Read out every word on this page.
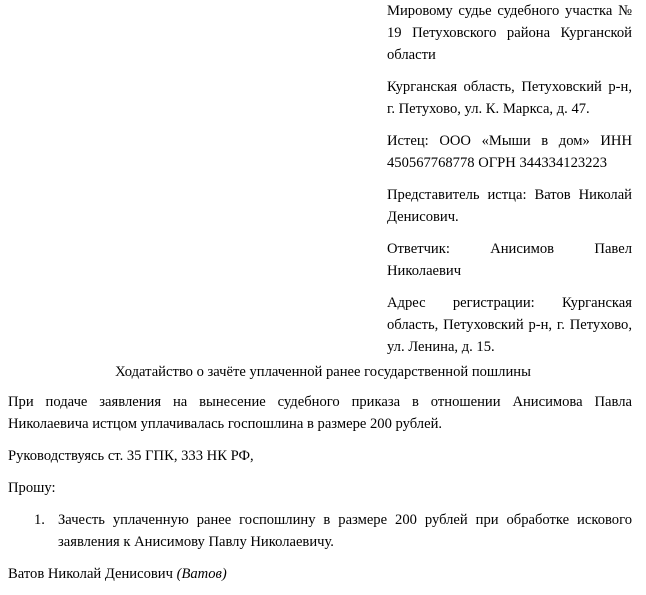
Мировому судье судебного участка № 19 Петуховского района Курганской области

Курганская область, Петуховский р-н, г. Петухово, ул. К. Маркса, д. 47.

Истец: ООО «Мыши в дом» ИНН 450567768778 ОГРН 344334123223

Представитель истца: Ватов Николай Денисович.

Ответчик: Анисимов Павел Николаевич

Адрес регистрации: Курганская область, Петуховский р-н, г. Петухово, ул. Ленина, д. 15.

Ходатайство о зачёте уплаченной ранее государственной пошлины

При подаче заявления на вынесение судебного приказа в отношении Анисимова Павла Николаевича истцом уплачивалась госпошлина в размере 200 рублей.

Руководствуясь ст. 35 ГПК, 333 НК РФ,

Прошу:

1. Зачесть уплаченную ранее госпошлину в размере 200 рублей при обработке искового заявления к Анисимову Павлу Николаевичу.

Ватов Николай Денисович (Ватов)
